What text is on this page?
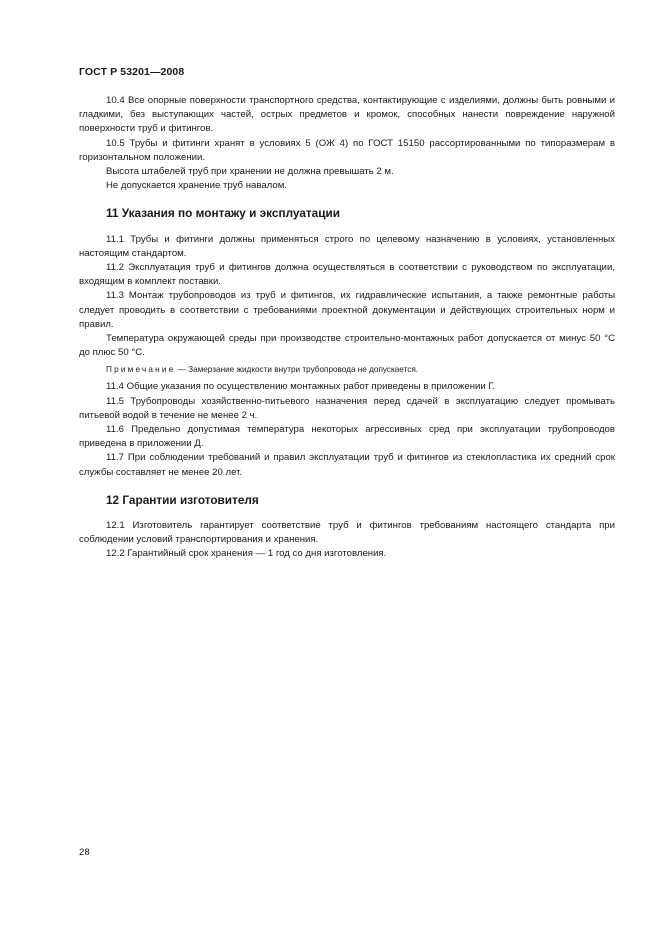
ГОСТ Р 53201—2008

10.4 Все опорные поверхности транспортного средства, контактирующие с изделиями, должны быть ровными и гладкими, без выступающих частей, острых предметов и кромок, способных нанести повреждение наружной поверхности труб и фитингов.

10.5 Трубы и фитинги хранят в условиях 5 (ОЖ 4) по ГОСТ 15150 рассортированными по типоразмерам в горизонтальном положении.

Высота штабелей труб при хранении не должна превышать 2 м.

Не допускается хранение труб навалом.

11 Указания по монтажу и эксплуатации

11.1 Трубы и фитинги должны применяться строго по целевому назначению в условиях, установленных настоящим стандартом.

11.2 Эксплуатация труб и фитингов должна осуществляться в соответствии с руководством по эксплуатации, входящим в комплект поставки.

11.3 Монтаж трубопроводов из труб и фитингов, их гидравлические испытания, а также ремонтные работы следует проводить в соответствии с требованиями проектной документации и действующих строительных норм и правил.

Температура окружающей среды при производстве строительно-монтажных работ допускается от минус 50 °С до плюс 50 °С.

Примечание — Замерзание жидкости внутри трубопровода не допускается.

11.4 Общие указания по осуществлению монтажных работ приведены в приложении Г.

11.5 Трубопроводы хозяйственно-питьевого назначения перед сдачей в эксплуатацию следует промывать питьевой водой в течение не менее 2 ч.

11.6 Предельно допустимая температура некоторых агрессивных сред при эксплуатации трубопроводов приведена в приложении Д.

11.7 При соблюдении требований и правил эксплуатации труб и фитингов из стеклопластика их средний срок службы составляет не менее 20 лет.

12 Гарантии изготовителя

12.1 Изготовитель гарантирует соответствие труб и фитингов требованиям настоящего стандарта при соблюдении условий транспортирования и хранения.

12.2 Гарантийный срок хранения — 1 год со дня изготовления.

28
